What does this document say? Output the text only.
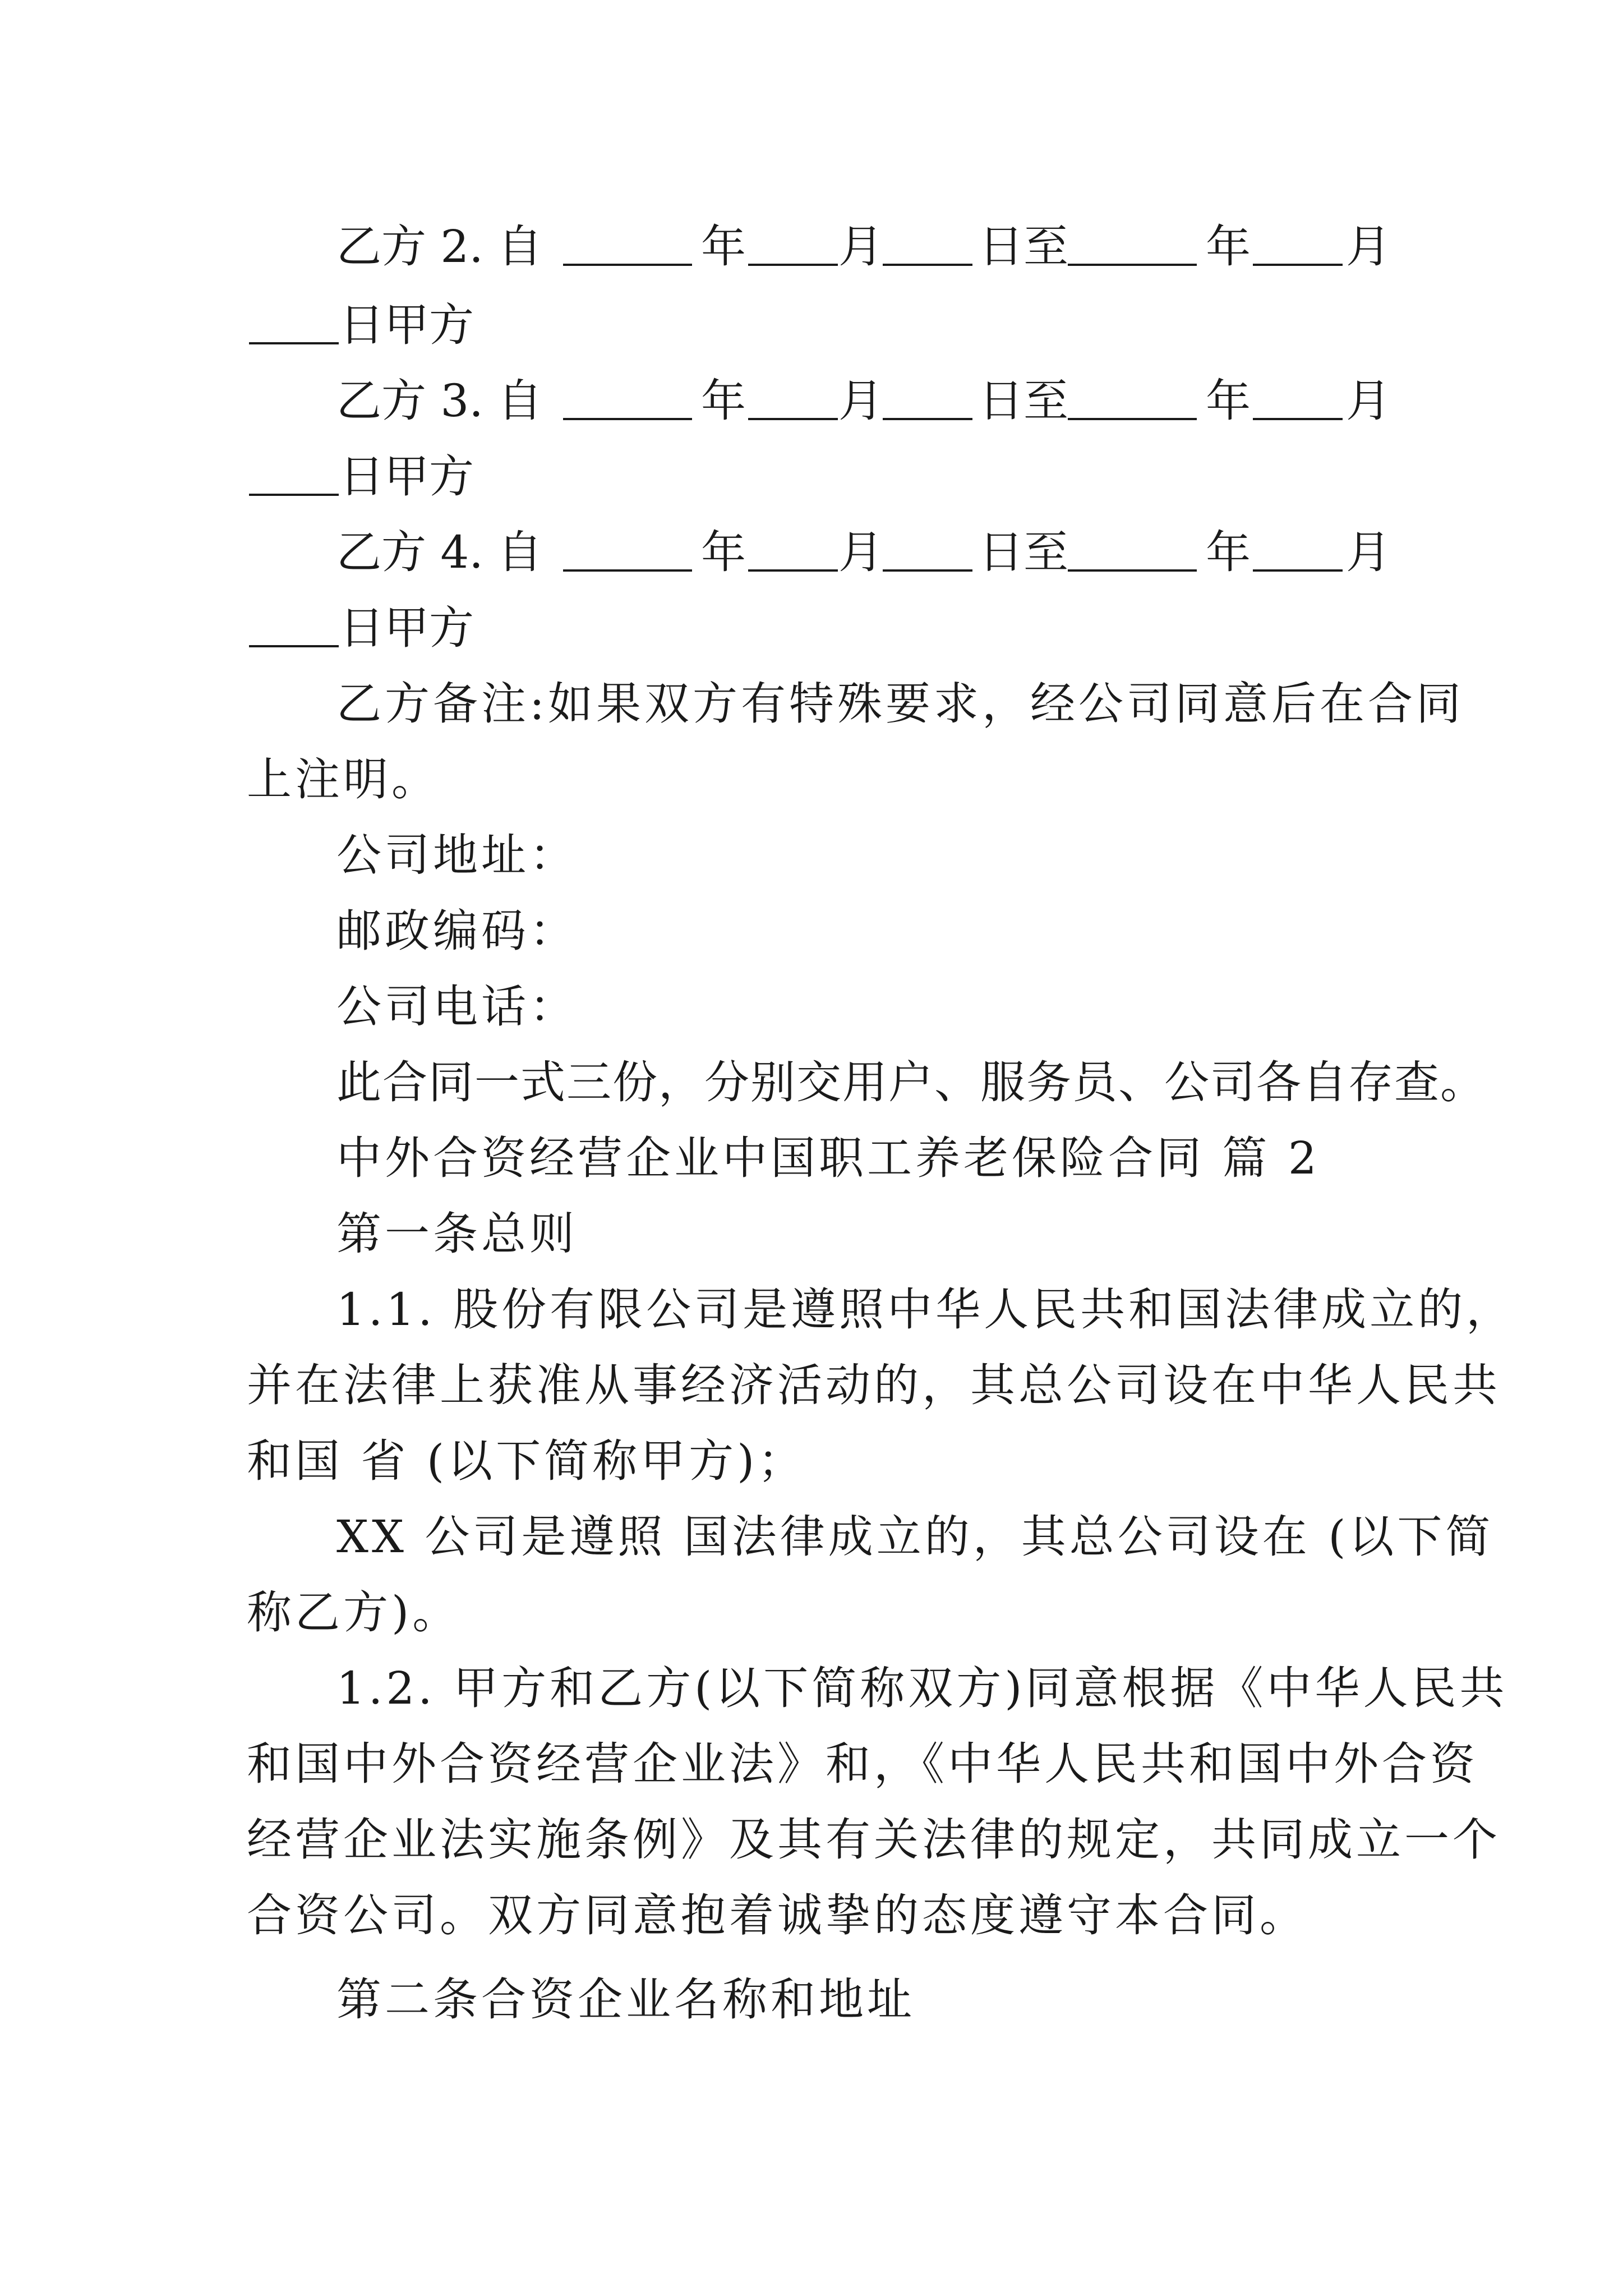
乙方 2. 自	年 月 日至	年 月
日甲方
乙方 3. 自	年 月 日至	年 月
日甲方
乙方 4. 自	年 月 日至	年 月
日甲方
乙方备注:如果双方有特殊要求，经公司同意后在合同
上注明。
公司地址：
邮政编码：
公司电话：
此合同一式三份，分别交用户、服务员、公司各自存查。
中外合资经营企业中国职工养老保险合同 篇 2
第一条总则
1.1. 股份有限公司是遵照中华人民共和国法律成立的，
并在法律上获准从事经济活动的，其总公司设在中华人民共
和国 省 (以下简称甲方)；
XX 公司是遵照 国法律成立的，其总公司设在 (以下简
称乙方)。
1.2. 甲方和乙方(以下简称双方)同意根据《中华人民共
和国中外合资经营企业法》和，《中华人民共和国中外合资
经营企业法实施条例》及其有关法律的规定，共同成立一个
合资公司。双方同意抱着诚挚的态度遵守本合同。
第二条合资企业名称和地址
